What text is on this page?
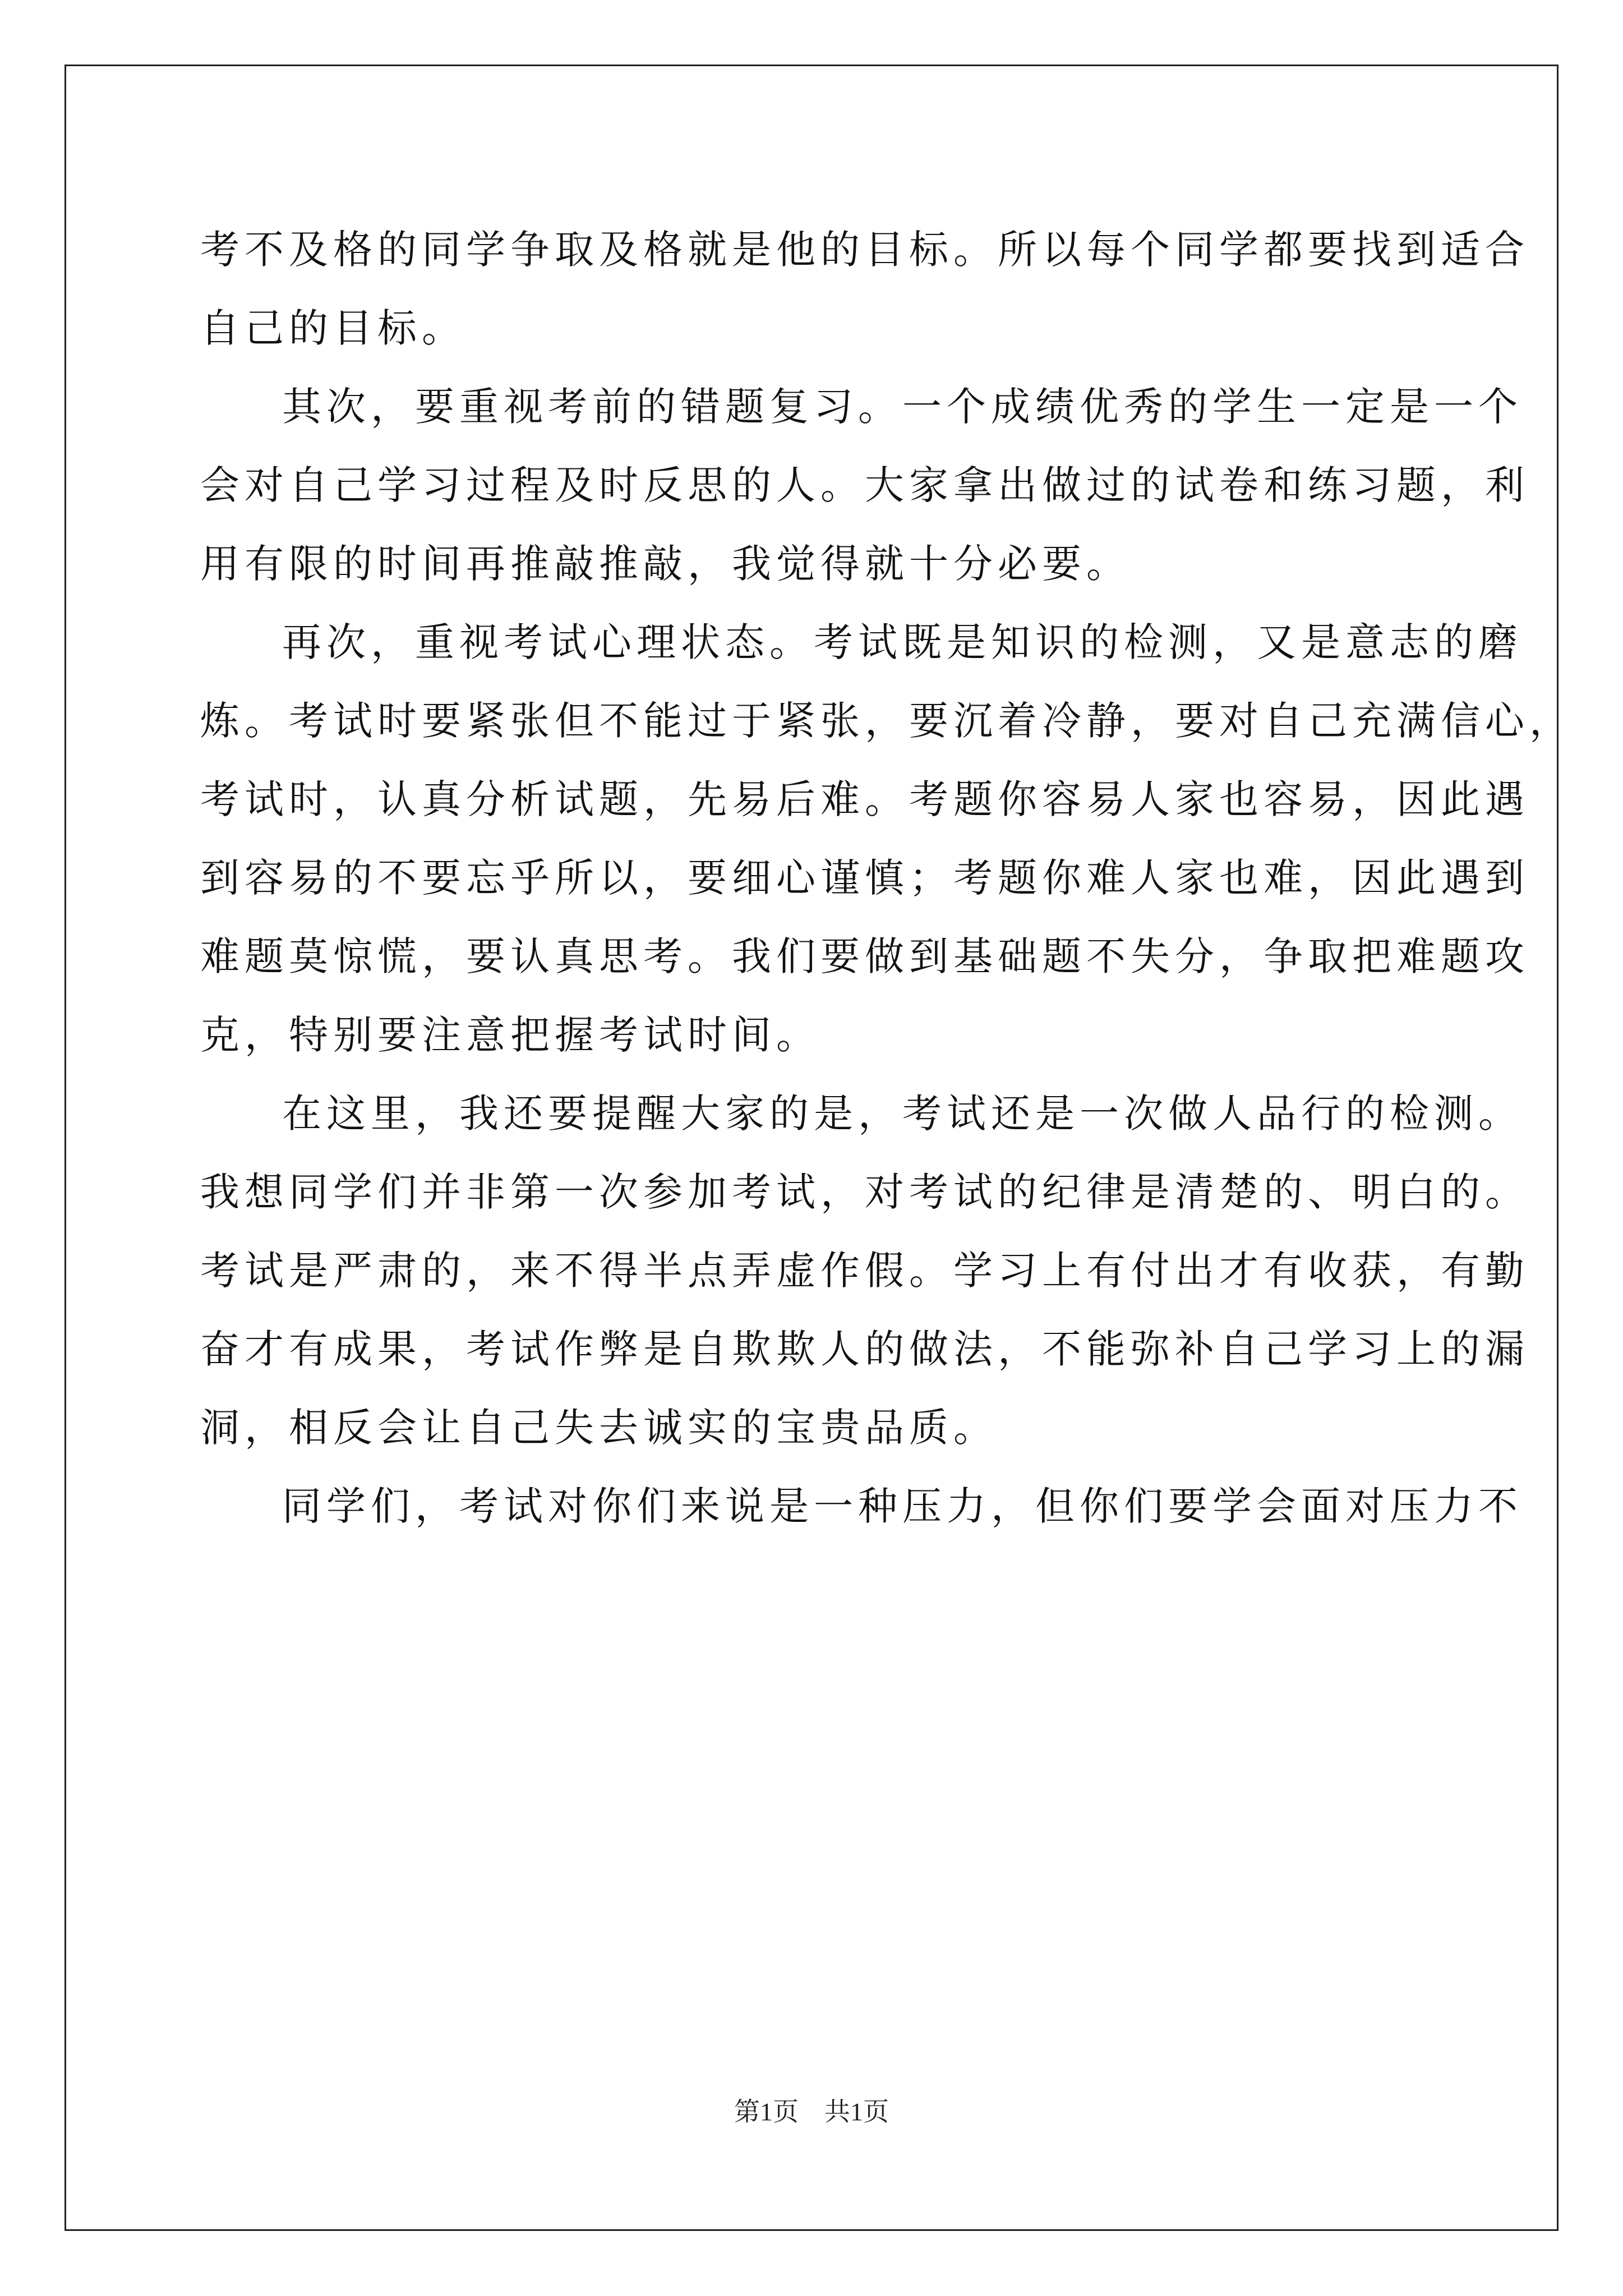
考不及格的同学争取及格就是他的目标。所以每个同学都要找到适合
自己的目标。
其次，要重视考前的错题复习。一个成绩优秀的学生一定是一个
会对自己学习过程及时反思的人。大家拿出做过的试卷和练习题，利
用有限的时间再推敲推敲，我觉得就十分必要。
再次，重视考试心理状态。考试既是知识的检测，又是意志的磨
炼。考试时要紧张但不能过于紧张，要沉着冷静，要对自己充满信心，
考试时，认真分析试题，先易后难。考题你容易人家也容易，因此遇
到容易的不要忘乎所以，要细心谨慎；考题你难人家也难，因此遇到
难题莫惊慌，要认真思考。我们要做到基础题不失分，争取把难题攻
克，特别要注意把握考试时间。
在这里，我还要提醒大家的是，考试还是一次做人品行的检测。
我想同学们并非第一次参加考试，对考试的纪律是清楚的、明白的。
考试是严肃的，来不得半点弄虚作假。学习上有付出才有收获，有勤
奋才有成果，考试作弊是自欺欺人的做法，不能弥补自己学习上的漏
洞，相反会让自己失去诚实的宝贵品质。
同学们，考试对你们来说是一种压力，但你们要学会面对压力不
第1页　共1页
